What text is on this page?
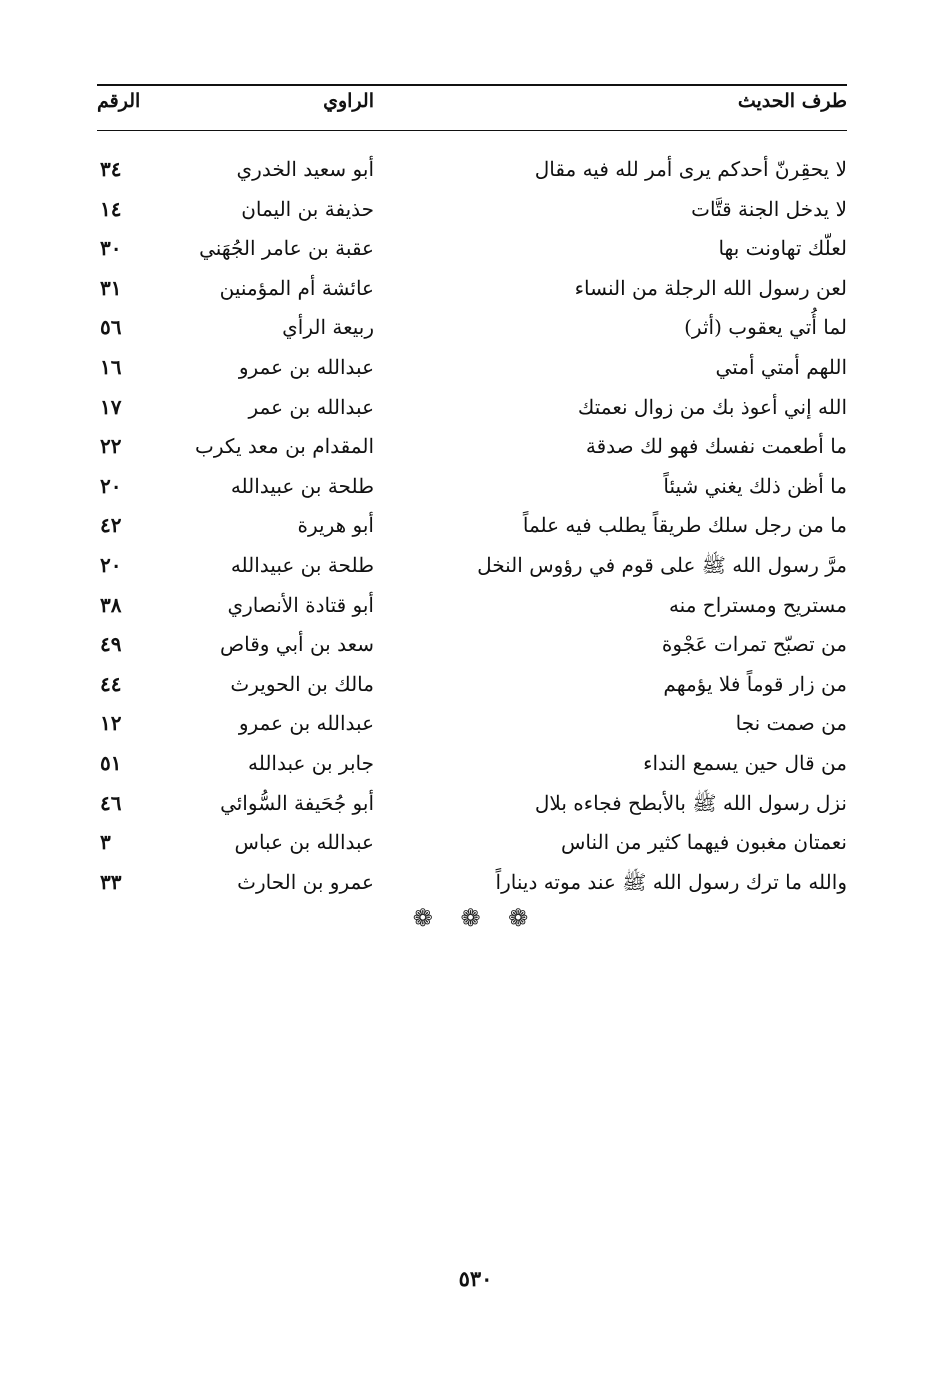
طرف الحديث
الراوي
الرقم
لا يحقِرنّ أحدكم يرى أمر لله فيه مقال
أبو سعيد الخدري
٣٤
لا يدخل الجنة قتَّات
حذيفة بن اليمان
١٤
لعلّك تهاونت بها
عقبة بن عامر الجُهَني
٣٠
لعن رسول الله الرجلة من النساء
عائشة أم المؤمنين
٣١
لما أُتي يعقوب (أثر)
ربيعة الرأي
٥٦
اللهم أمتي أمتي
عبدالله بن عمرو
١٦
الله إني أعوذ بك من زوال نعمتك
عبدالله بن عمر
١٧
ما أطعمت نفسك فهو لك صدقة
المقدام بن معد يكرب
٢٢
ما أظن ذلك يغني شيئاً
طلحة بن عبيدالله
٢٠
ما من رجل سلك طريقاً يطلب فيه علماً
أبو هريرة
٤٢
مرَّ رسول الله ﷺ على قوم في رؤوس النخل
طلحة بن عبيدالله
٢٠
مستريح ومستراح منه
أبو قتادة الأنصاري
٣٨
من تصبّح تمرات عَجْوة
سعد بن أبي وقاص
٤٩
من زار قوماً فلا يؤمهم
مالك بن الحويرث
٤٤
من صمت نجا
عبدالله بن عمرو
١٢
من قال حين يسمع النداء
جابر بن عبدالله
٥١
نزل رسول الله ﷺ بالأبطح فجاءه بلال
أبو جُحَيفة السُّوائي
٤٦
نعمتان مغبون فيهما كثير من الناس
عبدالله بن عباس
٣
والله ما ترك رسول الله ﷺ عند موته ديناراً
عمرو بن الحارث
٣٣
❁ ❁ ❁
٥٣٠
